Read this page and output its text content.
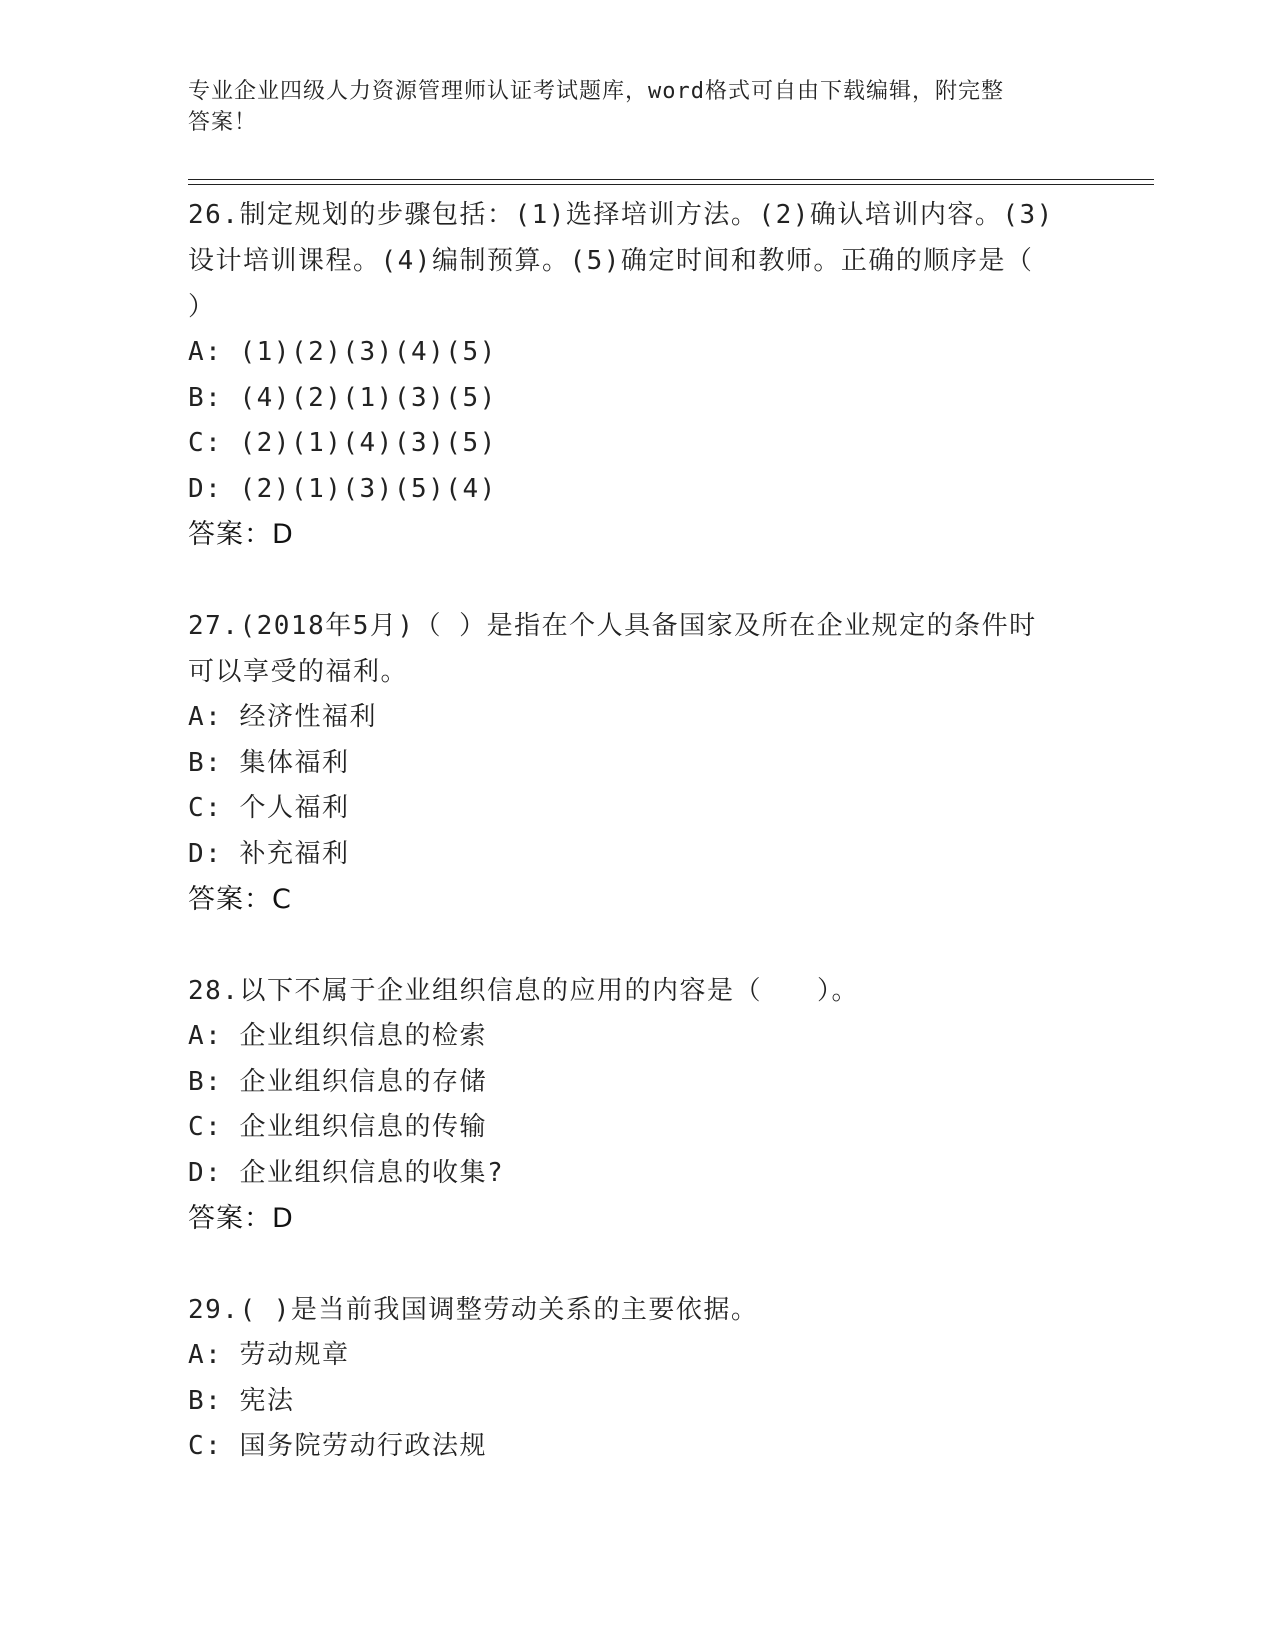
专业企业四级人力资源管理师认证考试题库，word格式可自由下载编辑，附完整
答案！

26.制定规划的步骤包括：(1)选择培训方法。(2)确认培训内容。(3)

设计培训课程。(4)编制预算。(5)确定时间和教师。正确的顺序是（

）

A: (1)(2)(3)(4)(5)

B: (4)(2)(1)(3)(5)

C: (2)(1)(4)(3)(5)

D: (2)(1)(3)(5)(4)

答案：D

27.(2018年5月)（ ）是指在个人具备国家及所在企业规定的条件时

可以享受的福利。

A: 经济性福利

B: 集体福利

C: 个人福利

D: 补充福利

答案：C

28.以下不属于企业组织信息的应用的内容是（　　）。

A: 企业组织信息的检索

B: 企业组织信息的存储

C: 企业组织信息的传输

D: 企业组织信息的收集?

答案：D

29.( )是当前我国调整劳动关系的主要依据。

A: 劳动规章

B: 宪法

C: 国务院劳动行政法规
